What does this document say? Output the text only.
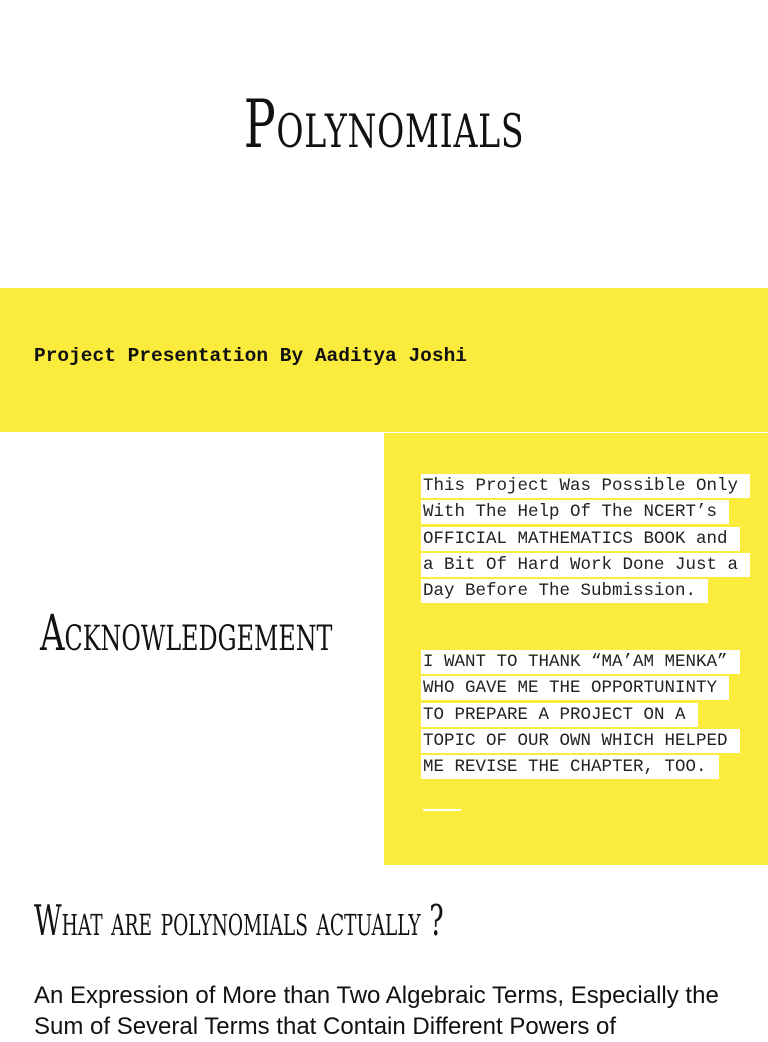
Polynomials
Project Presentation By Aaditya Joshi
Acknowledgement

This Project Was Possible Only With The Help Of The NCERT’s OFFICIAL MATHEMATICS BOOK and a Bit Of Hard Work Done Just a Day Before The Submission.

I WANT TO THANK “MA’AM MENKA” WHO GAVE ME THE OPPORTUNINTY TO PREPARE A PROJECT ON A TOPIC OF OUR OWN WHICH HELPED ME REVISE THE CHAPTER, TOO.

What are polynomials actually ?
An Expression of More than Two Algebraic Terms, Especially the Sum of Several Terms that Contain Different Powers of
